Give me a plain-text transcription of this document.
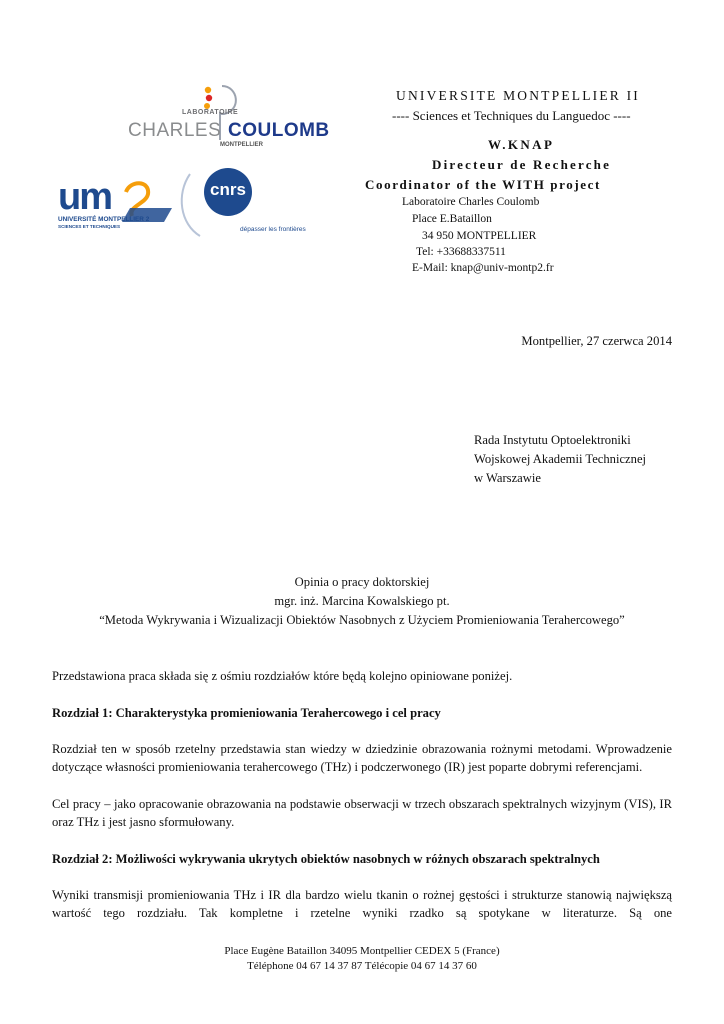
LABORATOIRE
CHARLES COULOMB
MONTPELLIER
um
UNIVERSITÉ MONTPELLIER 2
SCIENCES ET TECHNIQUES
cnrs
dépasser les frontières
UNIVERSITE MONTPELLIER II
---- Sciences et Techniques du Languedoc ----
W.KNAP
Directeur de Recherche
Coordinator of the WITH project
Laboratoire Charles Coulomb
Place E.Bataillon
34 950 MONTPELLIER
Tel: +33688337511
E-Mail: knap@univ-montp2.fr
Montpellier, 27 czerwca 2014
Rada Instytutu Optoelektroniki
Wojskowej Akademii Technicznej
w Warszawie
Opinia o pracy doktorskiej
mgr. inż. Marcina Kowalskiego pt.
“Metoda Wykrywania i Wizualizacji Obiektów Nasobnych z Użyciem Promieniowania Terahercowego”
Przedstawiona praca składa się z ośmiu rozdziałów które będą kolejno opiniowane poniżej.
Rozdział 1: Charakterystyka promieniowania Terahercowego i cel pracy
Rozdział ten w sposób rzetelny przedstawia stan wiedzy w dziedzinie obrazowania rożnymi metodami. Wprowadzenie dotyczące własności promieniowania terahercowego (THz) i podczerwonego (IR) jest poparte dobrymi referencjami.
Cel pracy – jako opracowanie obrazowania na podstawie obserwacji w trzech obszarach spektralnych wizyjnym (VIS), IR oraz THz i jest jasno sformułowany.
Rozdział 2: Możliwości wykrywania ukrytych obiektów nasobnych w różnych obszarach spektralnych
Wyniki transmisji promieniowania THz i IR dla bardzo wielu tkanin o rożnej gęstości i strukturze stanowią największą wartość tego rozdziału. Tak kompletne i rzetelne wyniki rzadko są spotykane w literaturze. Są one
Place Eugène Bataillon 34095 Montpellier CEDEX 5 (France)
Téléphone 04 67 14 37 87 Télécopie 04 67 14 37 60
